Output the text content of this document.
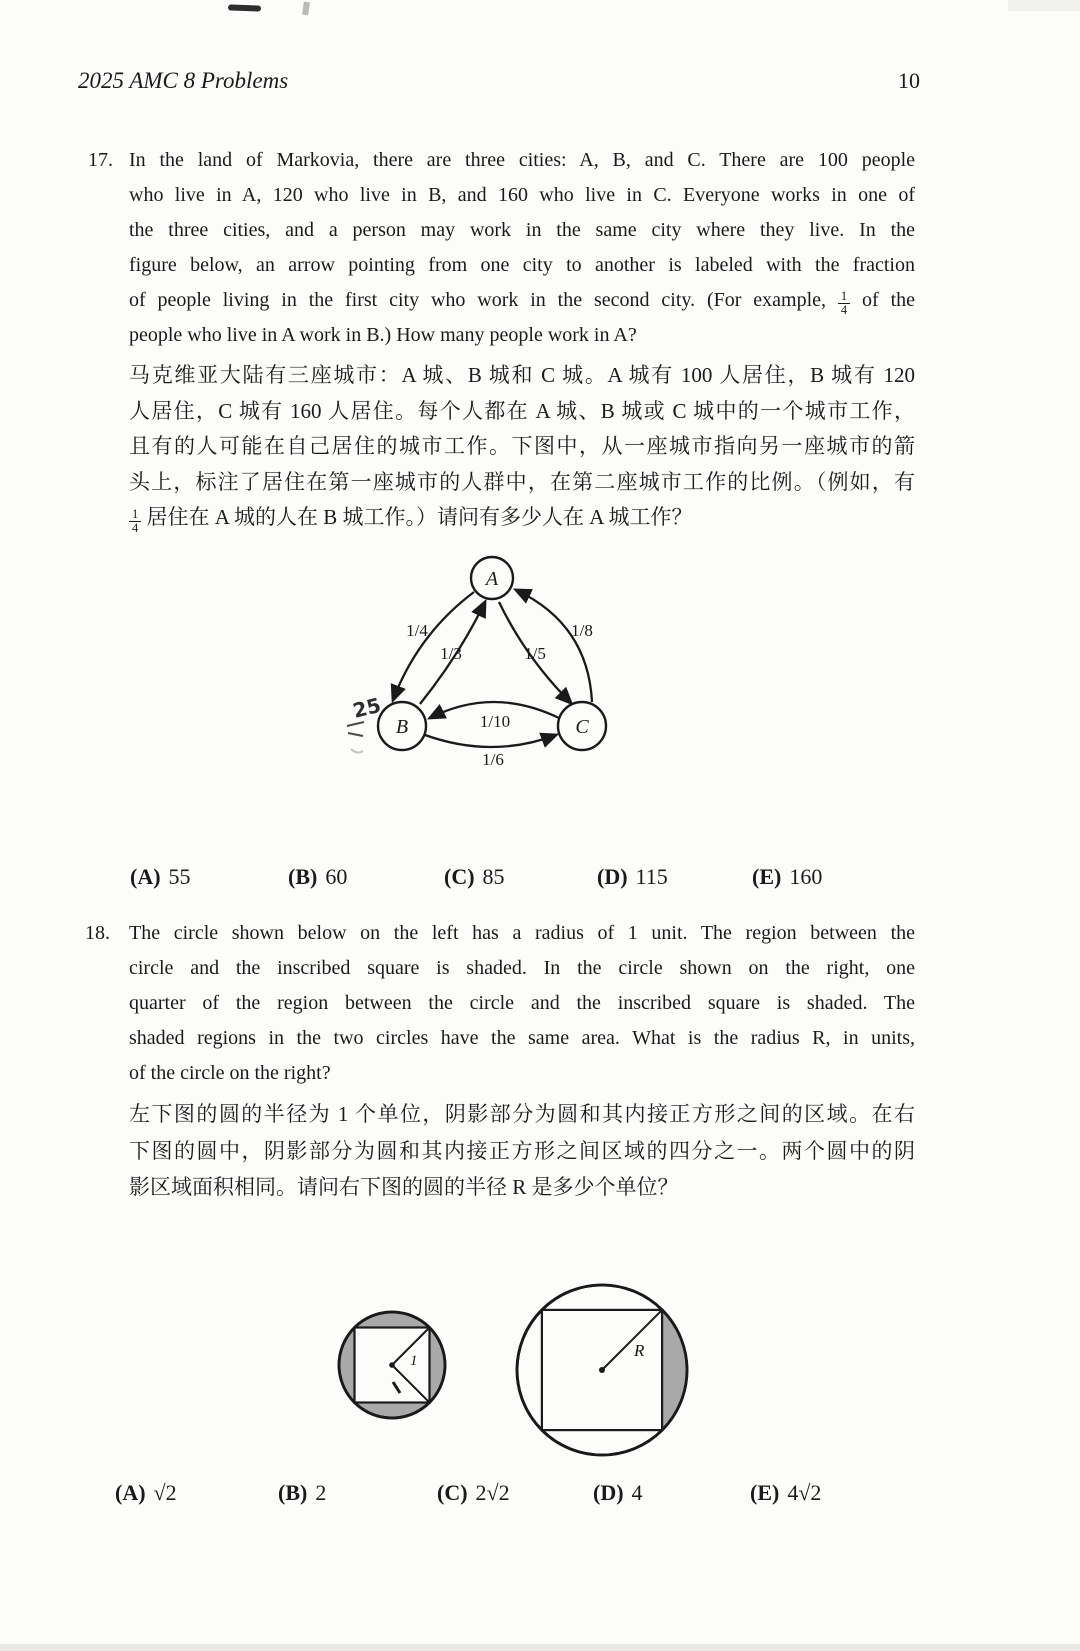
2025 AMC 8 Problems	10
17. In the land of Markovia, there are three cities: A, B, and C. There are 100 people
who live in A, 120 who live in B, and 160 who live in C. Everyone works in one of
the three cities, and a person may work in the same city where they live. In the
figure below, an arrow pointing from one city to another is labeled with the fraction
of people living in the first city who work in the second city. (For example, $\frac{1}{4}$ of the
people who live in A work in B.) How many people work in A?
马克维亚大陆有三座城市：A 城、B 城和 C 城。A 城有 100 人居住，B 城有 120
人居住，C 城有 160 人居住。每个人都在 A 城、B 城或 C 城中的一个城市工作，
且有的人可能在自己居住的城市工作。下图中，从一座城市指向另一座城市的箭
头上，标注了居住在第一座城市的人群中，在第二座城市工作的比例。（例如，有
$\frac{1}{4}$ 居住在 A 城的人在 B 城工作。）请问有多少人在 A 城工作？
A
B	C
1/4
1/3	1/5
1/8
1/10
1/6
25
(A) 55	(B) 60	(C) 85	(D) 115	(E) 160
18. The circle shown below on the left has a radius of 1 unit. The region between the
circle and the inscribed square is shaded. In the circle shown on the right, one
quarter of the region between the circle and the inscribed square is shaded. The
shaded regions in the two circles have the same area. What is the radius R, in units,
of the circle on the right?
左下图的圆的半径为 1 个单位，阴影部分为圆和其内接正方形之间的区域。在右
下图的圆中，阴影部分为圆和其内接正方形之间区域的四分之一。两个圆中的阴
影区域面积相同。请问右下图的圆的半径 R 是多少个单位？
1
R
(A) √2	(B) 2	(C) 2√2	(D) 4	(E) 4√2
